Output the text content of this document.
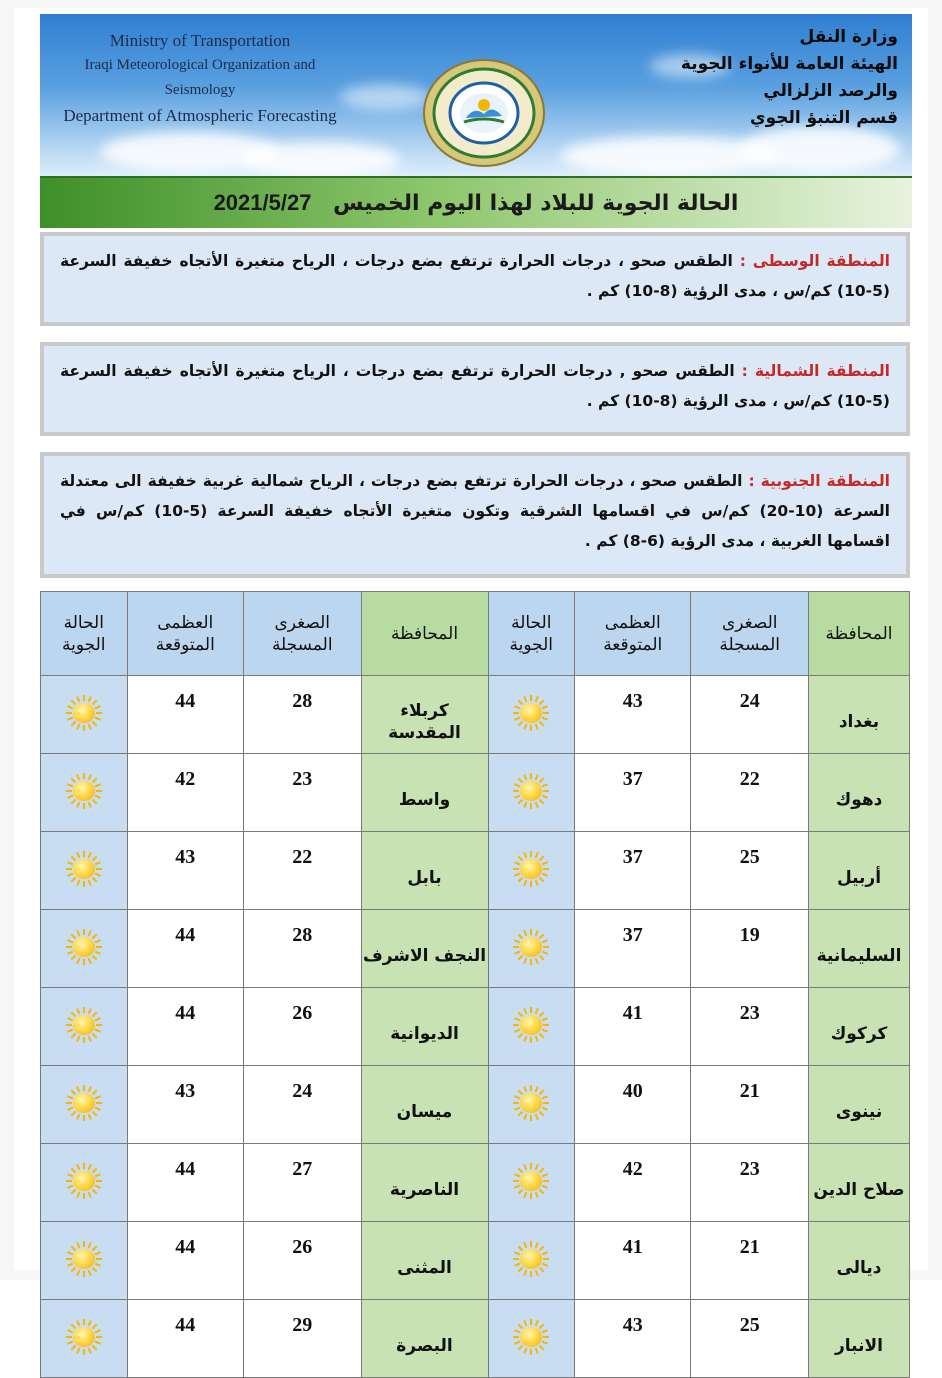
Ministry of Transportation
Iraqi Meteorological Organization and Seismology
Department of Atmospheric Forecasting
وزارة النقل
الهيئة العامة للأنواء الجوية والرصد الزلزالي
قسم التنبؤ الجوي
الحالة الجوية للبلاد لهذا اليوم الخميس 2021/5/27
المنطقة الوسطى : الطقس صحو ، درجات الحرارة ترتفع بضع درجات ، الرياح متغيرة الأتجاه خفيفة السرعة (5-10) كم/س ، مدى الرؤية (8-10) كم .
المنطقة الشمالية : الطقس صحو , درجات الحرارة ترتفع بضع درجات ، الرياح متغيرة الأتجاه خفيفة السرعة (5-10) كم/س ، مدى الرؤية (8-10) كم .
المنطقة الجنوبية : الطقس صحو ، درجات الحرارة ترتفع بضع درجات ، الرياح شمالية غربية خفيفة الى معتدلة السرعة (10-20) كم/س في اقسامها الشرقية وتكون متغيرة الأتجاه خفيفة السرعة (5-10) كم/س في اقسامها الغربية ، مدى الرؤية (6-8) كم .
المحافظة	الصغرى المسجلة	العظمى المتوقعة	الحالة الجوية	المحافظة	الصغرى المسجلة	العظمى المتوقعة	الحالة الجوية
بغداد	24	43		كربلاء المقدسة	28	44	

دهوك	22	37		واسط	23	42	

أربيل	25	37		بابل	22	43	

السليمانية	19	37		النجف الاشرف	28	44	

كركوك	23	41		الديوانية	26	44	

نينوى	21	40		ميسان	24	43	

صلاح الدين	23	42		الناصرية	27	44	

ديالى	21	41		المثنى	26	44	

الانبار	25	43		البصرة	29	44	
